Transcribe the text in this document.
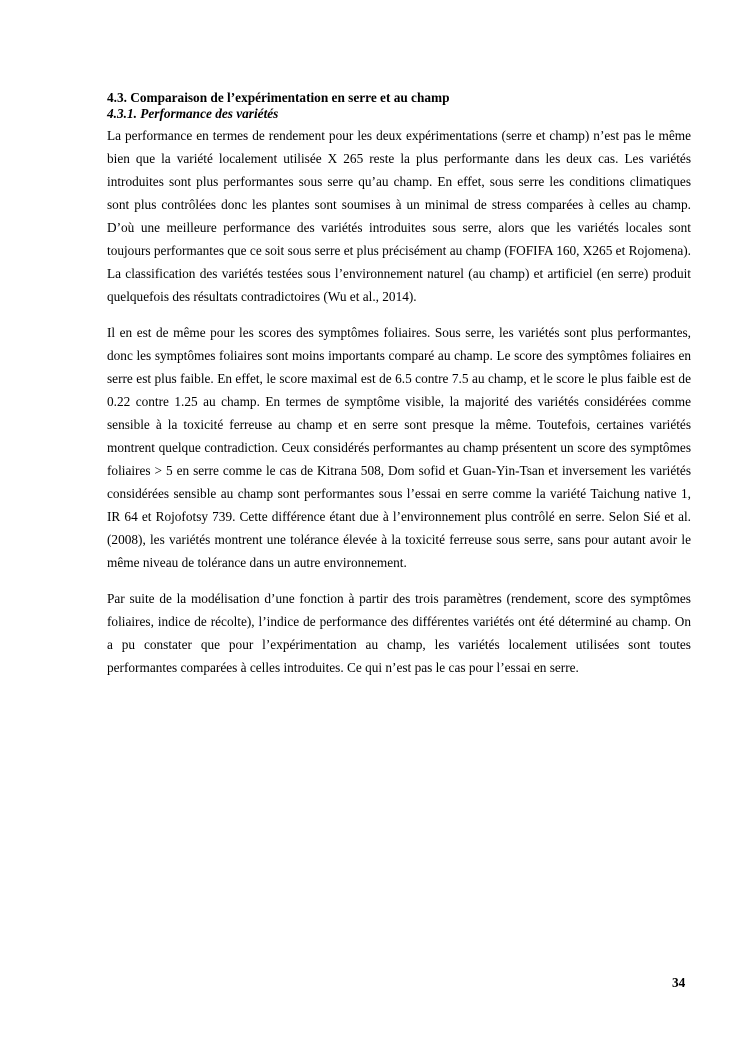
4.3. Comparaison de l’expérimentation en serre et au champ
4.3.1. Performance des variétés

La performance en termes de rendement pour les deux expérimentations (serre et champ) n’est pas le même bien que la variété localement utilisée X 265 reste la plus performante dans les deux cas. Les variétés introduites sont plus performantes sous serre qu’au champ. En effet, sous serre les conditions climatiques sont plus contrôlées donc les plantes sont soumises à un minimal de stress comparées à celles au champ. D’où une meilleure performance des variétés introduites sous serre, alors que les variétés locales sont toujours performantes que ce soit sous serre et plus précisément au champ (FOFIFA 160, X265 et Rojomena). La classification des variétés testées sous l’environnement naturel (au champ) et artificiel (en serre) produit quelquefois des résultats contradictoires (Wu et al., 2014).

Il en est de même pour les scores des symptômes foliaires. Sous serre, les variétés sont plus performantes, donc les symptômes foliaires sont moins importants comparé au champ. Le score des symptômes foliaires en serre est plus faible. En effet, le score maximal est de 6.5 contre 7.5 au champ, et le score le plus faible est de 0.22 contre 1.25 au champ. En termes de symptôme visible, la majorité des variétés considérées comme sensible à la toxicité ferreuse au champ et en serre sont presque la même. Toutefois, certaines variétés montrent quelque contradiction. Ceux considérés performantes au champ présentent un score des symptômes foliaires > 5 en serre comme le cas de Kitrana 508, Dom sofid et Guan-Yin-Tsan et inversement les variétés considérées sensible au champ sont performantes sous l’essai en serre comme la variété Taichung native 1, IR 64 et Rojofotsy 739. Cette différence étant due à l’environnement plus contrôlé en serre. Selon Sié et al. (2008), les variétés montrent une tolérance élevée à la toxicité ferreuse sous serre, sans pour autant avoir le même niveau de tolérance dans un autre environnement.

Par suite de la modélisation d’une fonction à partir des trois paramètres (rendement, score des symptômes foliaires, indice de récolte), l’indice de performance des différentes variétés ont été déterminé au champ. On a pu constater que pour l’expérimentation au champ, les variétés localement utilisées sont toutes performantes comparées à celles introduites. Ce qui n’est pas le cas pour l’essai en serre.

34
